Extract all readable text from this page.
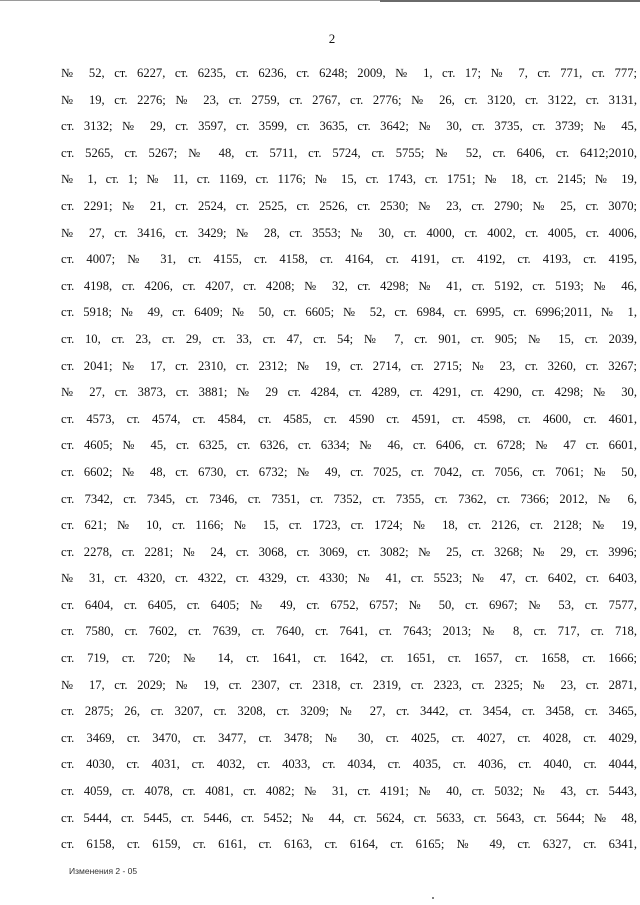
2
№ 52, ст. 6227, ст. 6235, ст. 6236, ст. 6248; 2009, № 1, ст. 17; № 7, ст. 771, ст. 777;
№ 19, ст. 2276; № 23, ст. 2759, ст. 2767, ст. 2776; № 26, ст. 3120, ст. 3122, ст. 3131,
ст. 3132; № 29, ст. 3597, ст. 3599, ст. 3635, ст. 3642; № 30, ст. 3735, ст. 3739; № 45,
ст. 5265, ст. 5267; № 48, ст. 5711, ст. 5724, ст. 5755; № 52, ст. 6406, ст. 6412;2010,
№ 1, ст. 1; № 11, ст. 1169, ст. 1176; № 15, ст. 1743, ст. 1751; № 18, ст. 2145; № 19,
ст. 2291; № 21, ст. 2524, ст. 2525, ст. 2526, ст. 2530; № 23, ст. 2790; № 25, ст. 3070;
№ 27, ст. 3416, ст. 3429; № 28, ст. 3553; № 30, ст. 4000, ст. 4002, ст. 4005, ст. 4006,
ст. 4007; № 31, ст. 4155, ст. 4158, ст. 4164, ст. 4191, ст. 4192, ст. 4193, ст. 4195,
ст. 4198, ст. 4206, ст. 4207, ст. 4208; № 32, ст. 4298; № 41, ст. 5192, ст. 5193; № 46,
ст. 5918; № 49, ст. 6409; № 50, ст. 6605; № 52, ст. 6984, ст. 6995, ст. 6996;2011, № 1,
ст. 10, ст. 23, ст. 29, ст. 33, ст. 47, ст. 54; № 7, ст. 901, ст. 905; № 15, ст. 2039,
ст. 2041; № 17, ст. 2310, ст. 2312; № 19, ст. 2714, ст. 2715; № 23, ст. 3260, ст. 3267;
№ 27, ст. 3873, ст. 3881; № 29 ст. 4284, ст. 4289, ст. 4291, ст. 4290, ст. 4298; № 30,
ст. 4573, ст. 4574, ст. 4584, ст. 4585, ст. 4590 ст. 4591, ст. 4598, ст. 4600, ст. 4601,
ст. 4605; № 45, ст. 6325, ст. 6326, ст. 6334; № 46, ст. 6406, ст. 6728; № 47 ст. 6601,
ст. 6602; № 48, ст. 6730, ст. 6732; № 49, ст. 7025, ст. 7042, ст. 7056, ст. 7061; № 50,
ст. 7342, ст. 7345, ст. 7346, ст. 7351, ст. 7352, ст. 7355, ст. 7362, ст. 7366; 2012, № 6,
ст. 621; № 10, ст. 1166; № 15, ст. 1723, ст. 1724; № 18, ст. 2126, ст. 2128; № 19,
ст. 2278, ст. 2281; № 24, ст. 3068, ст. 3069, ст. 3082; № 25, ст. 3268; № 29, ст. 3996;
№ 31, ст. 4320, ст. 4322, ст. 4329, ст. 4330; № 41, ст. 5523; № 47, ст. 6402, ст. 6403,
ст. 6404, ст. 6405, ст. 6405; № 49, ст. 6752, 6757; № 50, ст. 6967; № 53, ст. 7577,
ст. 7580, ст. 7602, ст. 7639, ст. 7640, ст. 7641, ст. 7643; 2013; № 8, ст. 717, ст. 718,
ст. 719, ст. 720; № 14, ст. 1641, ст. 1642, ст. 1651, ст. 1657, ст. 1658, ст. 1666;
№ 17, ст. 2029; № 19, ст. 2307, ст. 2318, ст. 2319, ст. 2323, ст. 2325; № 23, ст. 2871,
ст. 2875; 26, ст. 3207, ст. 3208, ст. 3209; № 27, ст. 3442, ст. 3454, ст. 3458, ст. 3465,
ст. 3469, ст. 3470, ст. 3477, ст. 3478; № 30, ст. 4025, ст. 4027, ст. 4028, ст. 4029,
ст. 4030, ст. 4031, ст. 4032, ст. 4033, ст. 4034, ст. 4035, ст. 4036, ст. 4040, ст. 4044,
ст. 4059, ст. 4078, ст. 4081, ст. 4082; № 31, ст. 4191; № 40, ст. 5032; № 43, ст. 5443,
ст. 5444, ст. 5445, ст. 5446, ст. 5452; № 44, ст. 5624, ст. 5633, ст. 5643, ст. 5644; № 48,
ст. 6158, ст. 6159, ст. 6161, ст. 6163, ст. 6164, ст. 6165; № 49, ст. 6327, ст. 6341,
Изменения 2 - 05
